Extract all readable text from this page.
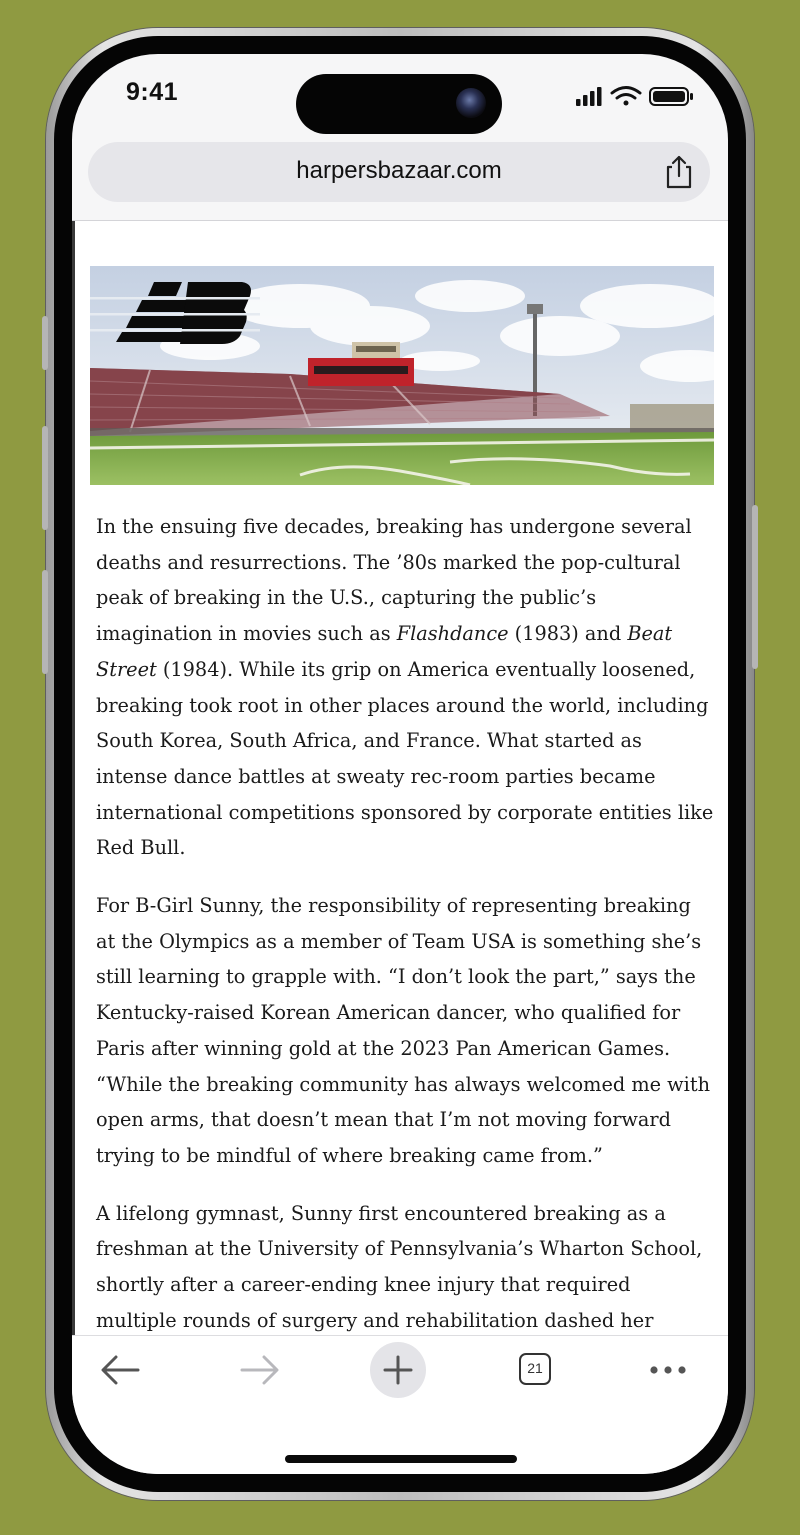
9:41
harpersbazaar.com

In the ensuing five decades, breaking has undergone several deaths and resurrections. The ’80s marked the pop-cultural peak of breaking in the U.S., capturing the public’s imagination in movies such as Flashdance (1983) and Beat Street (1984). While its grip on America eventually loosened, breaking took root in other places around the world, including South Korea, South Africa, and France. What started as intense dance battles at sweaty rec-room parties became international competitions sponsored by corporate entities like Red Bull.

For B-Girl Sunny, the responsibility of representing breaking at the Olympics as a member of Team USA is something she’s still learning to grapple with. “I don’t look the part,” says the Kentucky-raised Korean American dancer, who qualified for Paris after winning gold at the 2023 Pan American Games. “While the breaking community has always welcomed me with open arms, that doesn’t mean that I’m not moving forward trying to be mindful of where breaking came from.”

A lifelong gymnast, Sunny first encountered breaking as a freshman at the University of Pennsylvania’s Wharton School, shortly after a career-ending knee injury that required multiple rounds of surgery and rehabilitation dashed her

21
